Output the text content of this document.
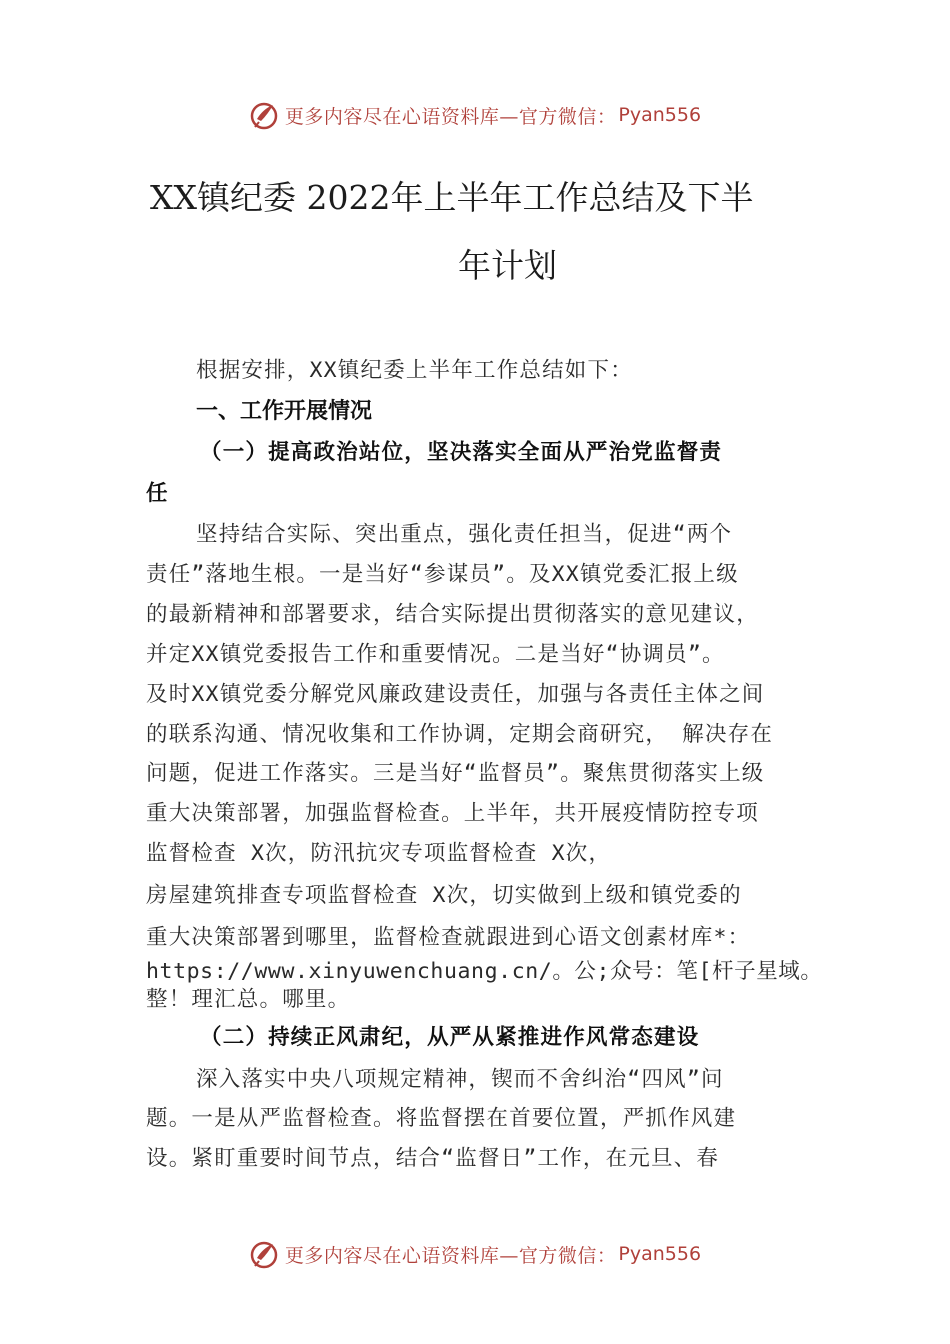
更多内容尽在心语资料库—官方微信： Pyan556
XX镇纪委 2022年上半年工作总结及下半
年计划
根据安排，XX镇纪委上半年工作总结如下：
一、工作开展情况
（一）提高政治站位，坚决落实全面从严治党监督责
任
坚持结合实际、突出重点，强化责任担当，促进“两个
责任”落地生根。一是当好“参谋员”。及XX镇党委汇报上级
的最新精神和部署要求，结合实际提出贯彻落实的意见建议，
并定XX镇党委报告工作和重要情况。二是当好“协调员”。
及时XX镇党委分解党风廉政建设责任，加强与各责任主体之间
的联系沟通、情况收集和工作协调，定期会商研究， 解决存在
问题，促进工作落实。三是当好“监督员”。聚焦贯彻落实上级
重大决策部署，加强监督检查。上半年，共开展疫情防控专项
监督检查 X次，防汛抗灾专项监督检查 X次，
房屋建筑排查专项监督检查 X次，切实做到上级和镇党委的
重大决策部署到哪里，监督检查就跟进到心语文创素材库*：
https://www.xinyuwenchuang.cn/。公;众号：笔[杆子星域。
整！理汇总。哪里。
（二）持续正风肃纪，从严从紧推进作风常态建设
深入落实中央八项规定精神，锲而不舍纠治“四风”问
题。一是从严监督检查。将监督摆在首要位置，严抓作风建
设。紧盯重要时间节点，结合“监督日”工作，在元旦、春
更多内容尽在心语资料库—官方微信： Pyan556
